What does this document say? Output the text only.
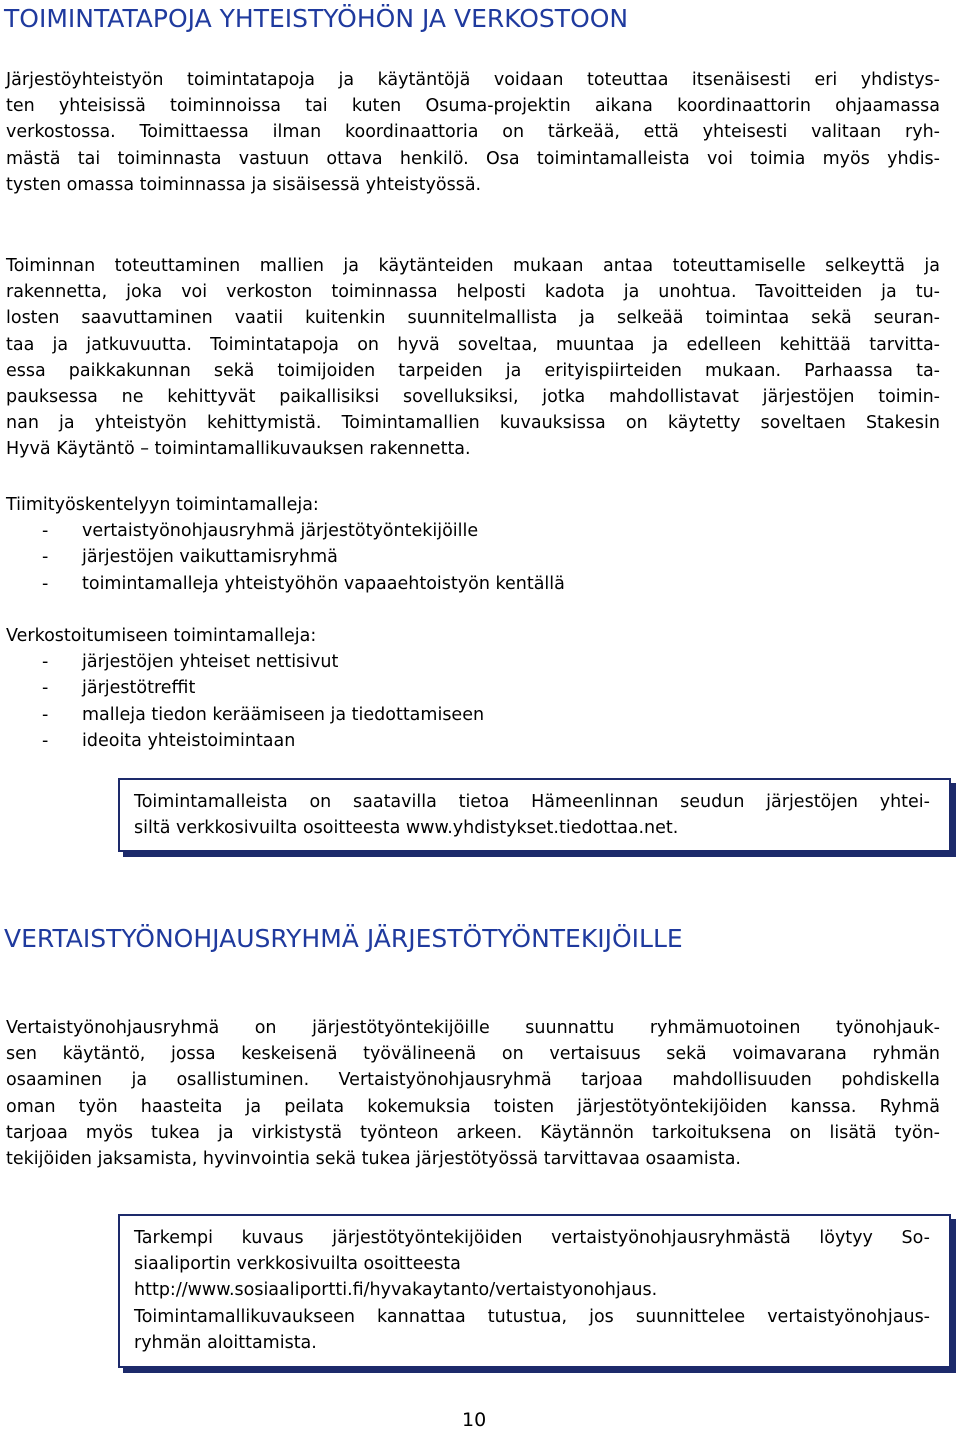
TOIMINTATAPOJA YHTEISTYÖHÖN JA VERKOSTOON
Järjestöyhteistyön toimintatapoja ja käytäntöjä voidaan toteuttaa itsenäisesti eri yhdistys-
ten yhteisissä toiminnoissa tai kuten Osuma-projektin aikana koordinaattorin ohjaamassa
verkostossa. Toimittaessa ilman koordinaattoria on tärkeää, että yhteisesti valitaan ryh-
mästä tai toiminnasta vastuun ottava henkilö. Osa toimintamalleista voi toimia myös yhdis-
tysten omassa toiminnassa ja sisäisessä yhteistyössä.
Toiminnan toteuttaminen mallien ja käytänteiden mukaan antaa toteuttamiselle selkeyttä ja
rakennetta, joka voi verkoston toiminnassa helposti kadota ja unohtua. Tavoitteiden ja tu-
losten saavuttaminen vaatii kuitenkin suunnitelmallista ja selkeää toimintaa sekä seuran-
taa ja jatkuvuutta. Toimintatapoja on hyvä soveltaa, muuntaa ja edelleen kehittää tarvitta-
essa paikkakunnan sekä toimijoiden tarpeiden ja erityispiirteiden mukaan. Parhaassa ta-
pauksessa ne kehittyvät paikallisiksi sovelluksiksi, jotka mahdollistavat järjestöjen toimin-
nan ja yhteistyön kehittymistä. Toimintamallien kuvauksissa on käytetty soveltaen Stakesin
Hyvä Käytäntö – toimintamallikuvauksen rakennetta.
Tiimityöskentelyyn toimintamalleja:
- vertaistyönohjausryhmä järjestötyöntekijöille
- järjestöjen vaikuttamisryhmä
- toimintamalleja yhteistyöhön vapaaehtoistyön kentällä
Verkostoitumiseen toimintamalleja:
- järjestöjen yhteiset nettisivut
- järjestötreffit
- malleja tiedon keräämiseen ja tiedottamiseen
- ideoita yhteistoimintaan
Toimintamalleista on saatavilla tietoa Hämeenlinnan seudun järjestöjen yhtei-
siltä verkkosivuilta osoitteesta www.yhdistykset.tiedottaa.net.
VERTAISTYÖNOHJAUSRYHMÄ JÄRJESTÖTYÖNTEKIJÖILLE
Vertaistyönohjausryhmä on järjestötyöntekijöille suunnattu ryhmämuotoinen työnohjauk-
sen käytäntö, jossa keskeisenä työvälineenä on vertaisuus sekä voimavarana ryhmän
osaaminen ja osallistuminen. Vertaistyönohjausryhmä tarjoaa mahdollisuuden pohdiskella
oman työn haasteita ja peilata kokemuksia toisten järjestötyöntekijöiden kanssa. Ryhmä
tarjoaa myös tukea ja virkistystä työnteon arkeen. Käytännön tarkoituksena on lisätä työn-
tekijöiden jaksamista, hyvinvointia sekä tukea järjestötyössä tarvittavaa osaamista.
Tarkempi kuvaus järjestötyöntekijöiden vertaistyönohjausryhmästä löytyy So-
siaaliportin verkkosivuilta osoitteesta
http://www.sosiaaliportti.fi/hyvakaytanto/vertaistyonohjaus.
Toimintamallikuvaukseen kannattaa tutustua, jos suunnittelee vertaistyönohjaus-
ryhmän aloittamista.
10
